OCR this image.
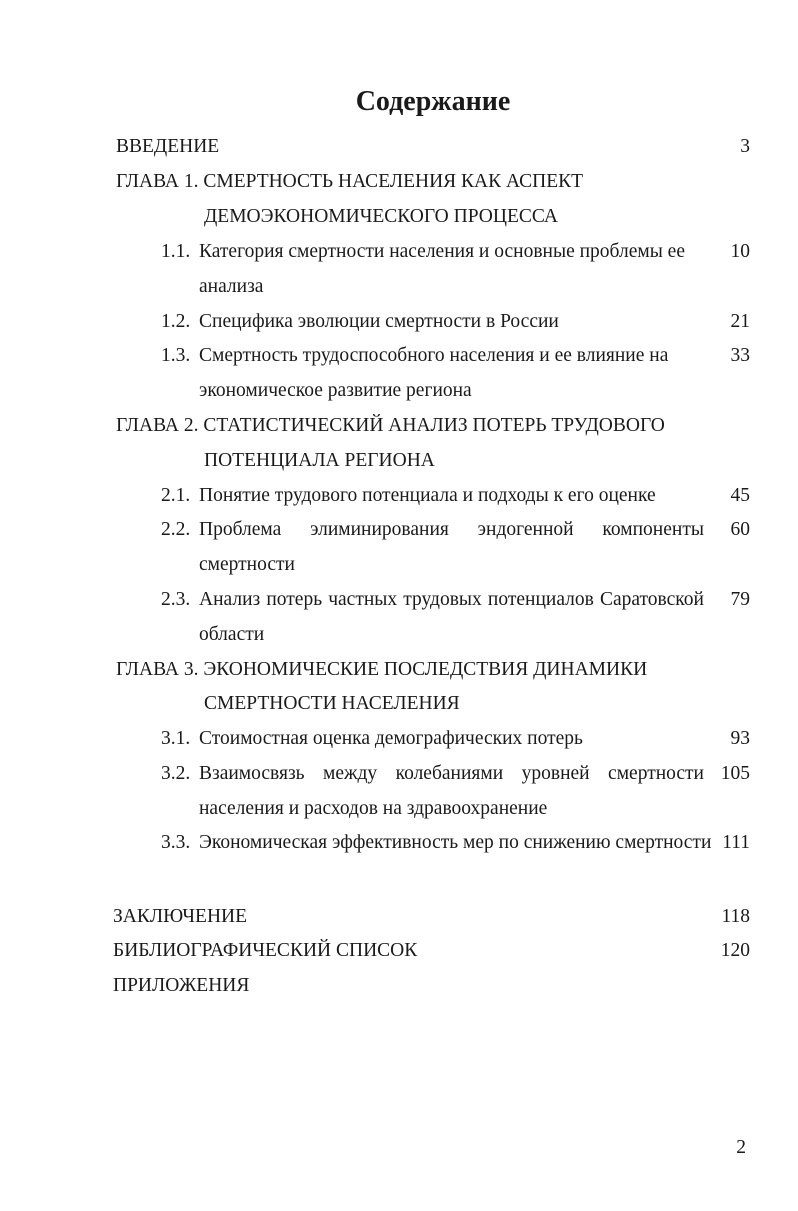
Содержание
ВВЕДЕНИЕ	3
ГЛАВА 1. СМЕРТНОСТЬ НАСЕЛЕНИЯ КАК АСПЕКТ
ДЕМОЭКОНОМИЧЕСКОГО ПРОЦЕССА
1.1. Категория смертности населения и основные проблемы ее 10
анализа
1.2. Специфика эволюции смертности в России	21
1.3. Смертность трудоспособного населения и ее влияние на	33
экономическое развитие региона
ГЛАВА 2. СТАТИСТИЧЕСКИЙ АНАЛИЗ ПОТЕРЬ ТРУДОВОГО
ПОТЕНЦИАЛА РЕГИОНА
2.1. Понятие трудового потенциала и подходы к его оценке	45
2.2. Проблема элиминирования эндогенной компоненты 60
смертности
2.3. Анализ потерь частных трудовых потенциалов Саратовской 79
области
ГЛАВА 3. ЭКОНОМИЧЕСКИЕ ПОСЛЕДСТВИЯ ДИНАМИКИ
СМЕРТНОСТИ НАСЕЛЕНИЯ
3.1. Стоимостная оценка демографических потерь	93
3.2. Взаимосвязь между колебаниями уровней смертности 105
населения и расходов на здравоохранение
3.3. Экономическая эффективность мер по снижению смертности 111
ЗАКЛЮЧЕНИЕ	118
БИБЛИОГРАФИЧЕСКИЙ СПИСОК	120
ПРИЛОЖЕНИЯ
2
